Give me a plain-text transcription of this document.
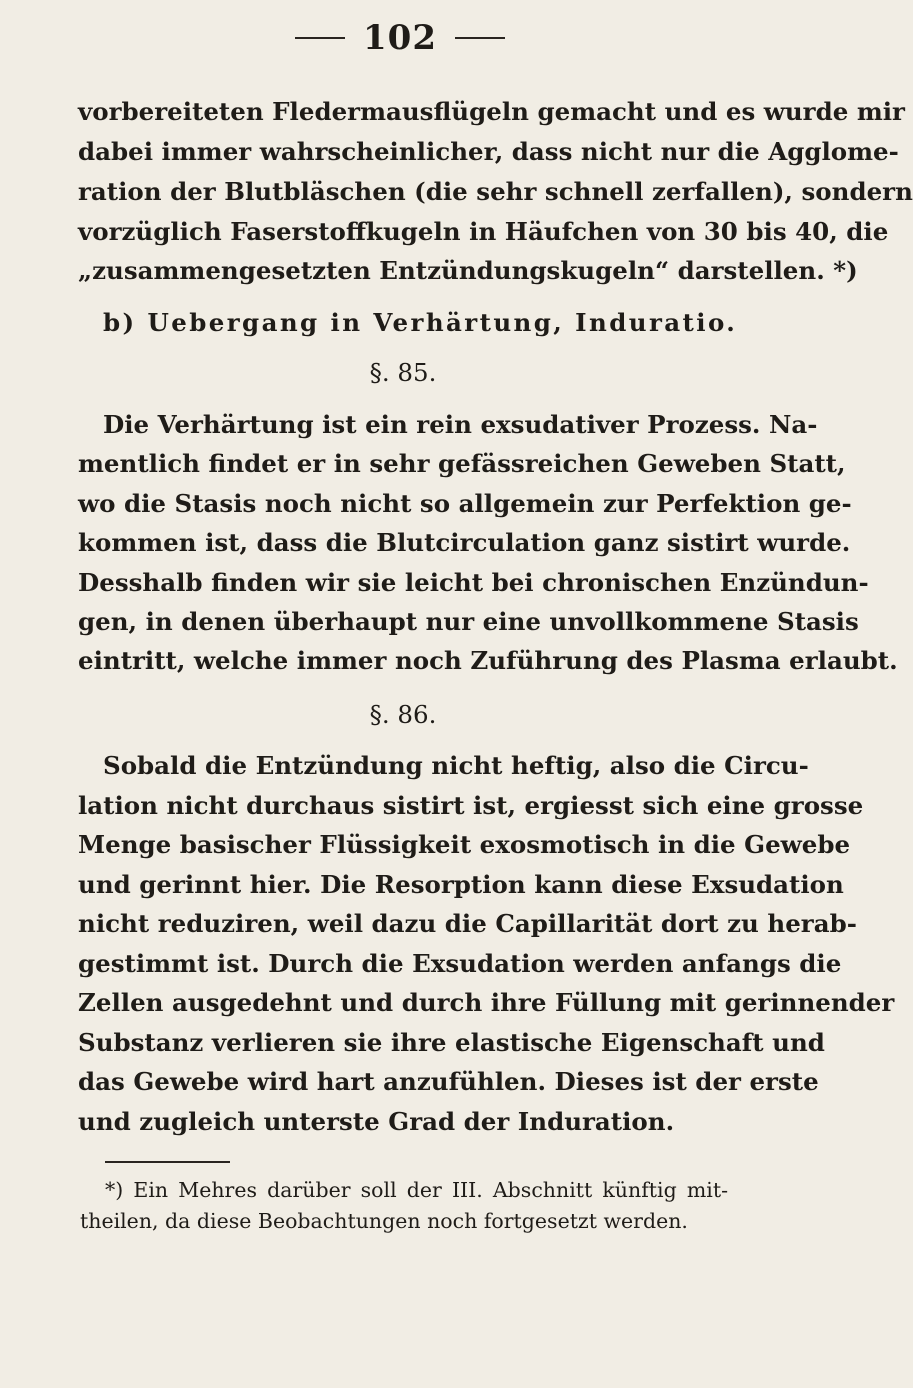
102
vorbereiteten Fledermausflügeln gemacht und es wurde mir
dabei immer wahrscheinlicher, dass nicht nur die Agglome-
ration der Blutbläschen (die sehr schnell zerfallen), sondern
vorzüglich Faserstoffkugeln in Häufchen von 30 bis 40, die
„zusammengesetzten Entzündungskugeln“ darstellen. *)
b) Uebergang in Verhärtung, Induratio.
§. 85.
Die Verhärtung ist ein rein exsudativer Prozess. Na-
mentlich findet er in sehr gefässreichen Geweben Statt,
wo die Stasis noch nicht so allgemein zur Perfektion ge-
kommen ist, dass die Blutcirculation ganz sistirt wurde.
Desshalb finden wir sie leicht bei chronischen Enzündun-
gen, in denen überhaupt nur eine unvollkommene Stasis
eintritt, welche immer noch Zuführung des Plasma erlaubt.
§. 86.
Sobald die Entzündung nicht heftig, also die Circu-
lation nicht durchaus sistirt ist, ergiesst sich eine grosse
Menge basischer Flüssigkeit exosmotisch in die Gewebe
und gerinnt hier. Die Resorption kann diese Exsudation
nicht reduziren, weil dazu die Capillarität dort zu herab-
gestimmt ist. Durch die Exsudation werden anfangs die
Zellen ausgedehnt und durch ihre Füllung mit gerinnender
Substanz verlieren sie ihre elastische Eigenschaft und
das Gewebe wird hart anzufühlen. Dieses ist der erste
und zugleich unterste Grad der Induration.
*) Ein Mehres darüber soll der III. Abschnitt künftig mit-
theilen, da diese Beobachtungen noch fortgesetzt werden.
